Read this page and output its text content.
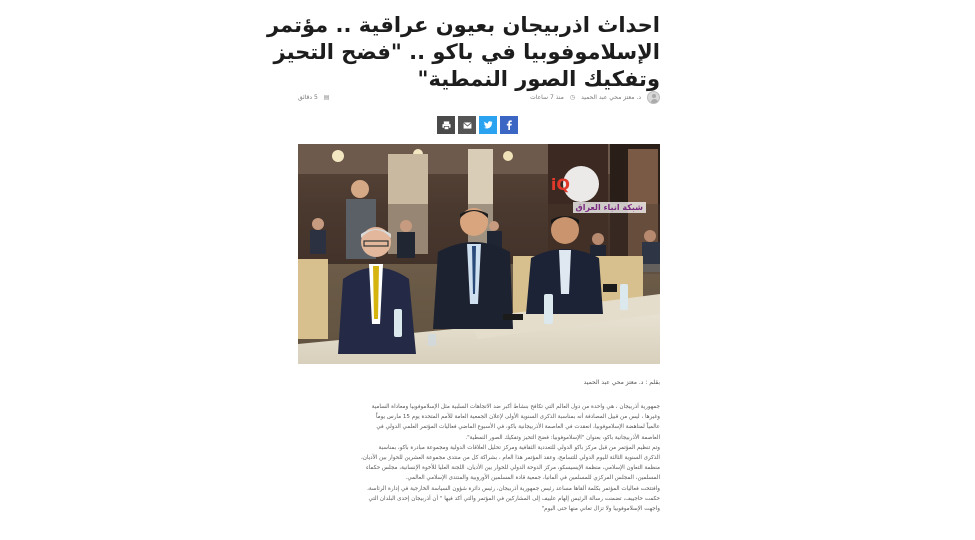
احداث اذربيجان بعيون عراقية .. مؤتمر
الإسلاموفوبيا في باكو .. "فضح التحيز
وتفكيك الصور النمطية"
د. معتز محي عبد الحميد
◷
منذ 7 ساعات
▤
5 دقائق
iQ
شبكة انباء العراق
بقلم : د. معتز محي عبد الحميد

جمهورية أذربيجان ، هي واحدة من دول العالم التي تكافح بنشاط أكبر ضد الاتجاهات السلبية مثل الإسلاموفوبيا ومعاداة السامية

وغيرها ، ليس من قبيل المصادفة أنه بمناسبة الذكرى السنوية الأولى لإعلان الجمعية العامة للأمم المتحدة يوم 15 مارس يوماً

عالمياً لمناهضة الإسلاموفوبيا، انعقدت في العاصمة الأذربيجانية باكو، في الأسبوع الماضي فعاليات المؤتمر العلمي الدولي في

العاصمة الأذربيجانية باكو، بعنوان "الإسلاموفوبيا: فضح التحيز وتفكيك الصور النمطية".

وتم تنظيم المؤتمر من قبل مركز باكو الدولي للتعددية الثقافية ومركز تحليل العلاقات الدولية ومجموعة مبادرة باكو، بمناسبة

الذكرى السنوية الثالثة لليوم الدولي للتسامح، وعقد المؤتمر هذا العام ، بشراكة كل من منتدى مجموعة العشرين للحوار بين الأديان،

منظمة التعاون الإسلامي، منظمة الإيسيسكو، مركز الدوحة الدولي للحوار بين الأديان، اللجنة العليا للأخوة الإنسانية، مجلس حكماء

المسلمين، المجلس المركزي للمسلمين في ألمانيا، جمعية قادة المسلمين الأوروبية والمنتدى الإسلامي العالمي.

وافتتحت فعاليات المؤتمر بكلمة ألقاها مساعد رئيس جمهورية أذربيجان، رئيس دائرة شؤون السياسة الخارجية في إدارة الرئاسة،

حكمت حاجييف، تضمنت رسالة الرئيس إلهام علييف إلى المشاركين في المؤتمر والتي أكد فيها " أن أذربيجان إحدى البلدان التي

واجهت الإسلاموفوبيا ولا تزال تعاني منها حتى اليوم"
